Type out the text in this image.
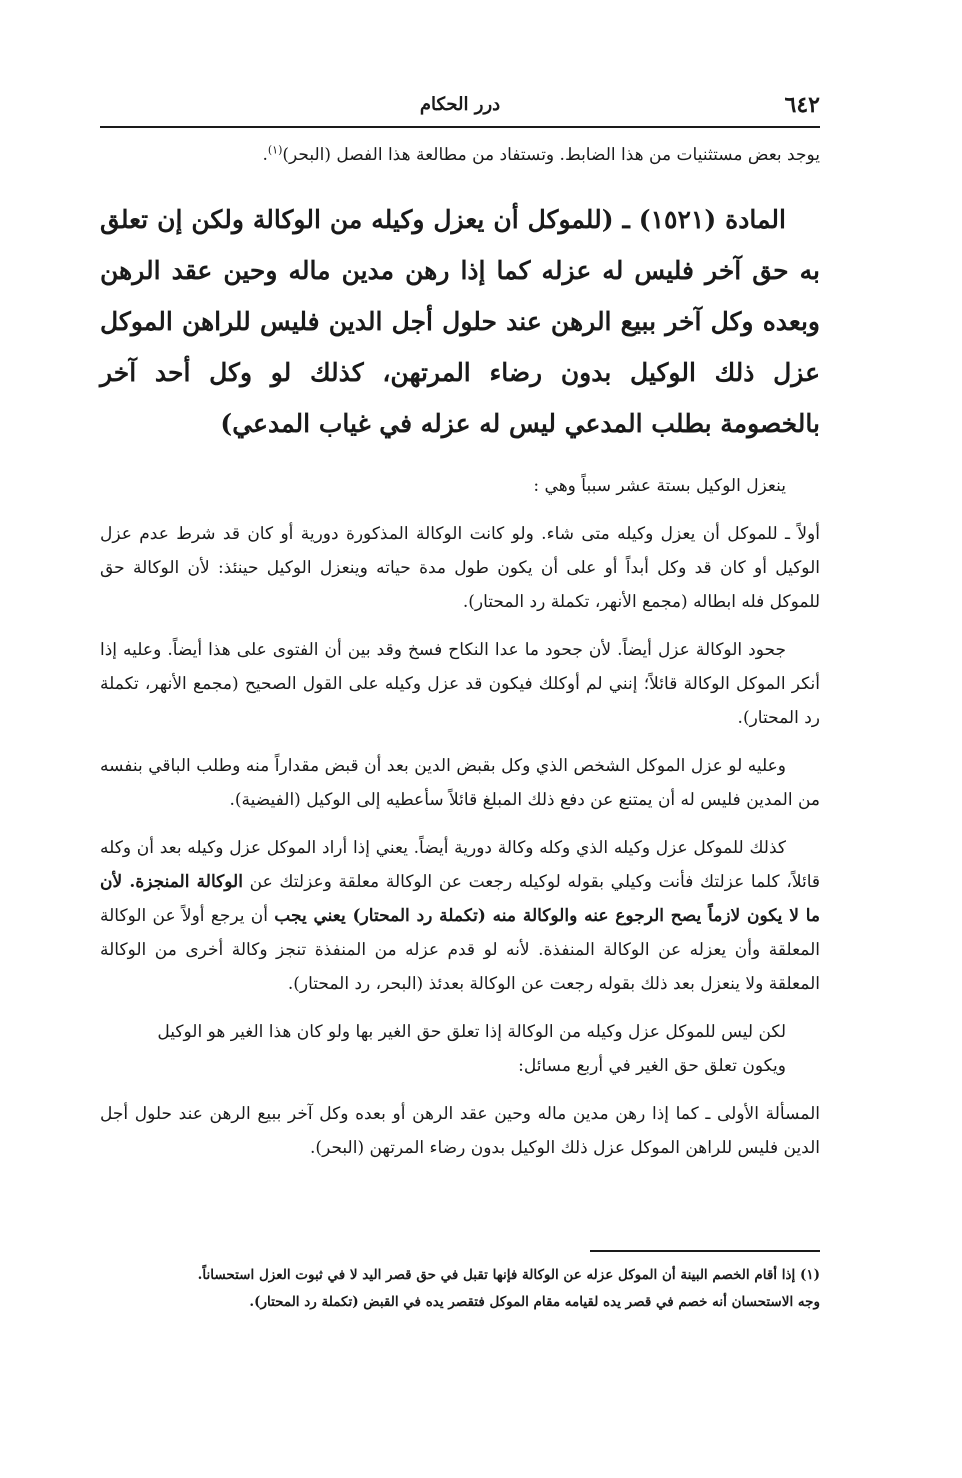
٦٤٢
درر الحكام

يوجد بعض مستثنيات من هذا الضابط. وتستفاد من مطالعة هذا الفصل (البحر)$^{(١)}$.

المادة (١٥٢١) ـ (للموكل أن يعزل وكيله من الوكالة ولكن إن تعلق به حق آخر فليس له عزله كما إذا رهن مدين ماله وحين عقد الرهن وبعده وكل آخر ببيع الرهن عند حلول أجل الدين فليس للراهن الموكل عزل ذلك الوكيل بدون رضاء المرتهن، كذلك لو وكل أحد آخر بالخصومة بطلب المدعي ليس له عزله في غياب المدعي)

ينعزل الوكيل بستة عشر سبباً وهي :

أولاً ـ للموكل أن يعزل وكيله متى شاء. ولو كانت الوكالة المذكورة دورية أو كان قد شرط عدم عزل الوكيل أو كان قد وكل أبداً أو على أن يكون طول مدة حياته وينعزل الوكيل حينئذ: لأن الوكالة حق للموكل فله ابطاله (مجمع الأنهر، تكملة رد المحتار).

جحود الوكالة عزل أيضاً. لأن جحود ما عدا النكاح فسخ وقد بين أن الفتوى على هذا أيضاً. وعليه إذا أنكر الموكل الوكالة قائلاً؛ إنني لم أوكلك فيكون قد عزل وكيله على القول الصحيح (مجمع الأنهر، تكملة رد المحتار).

وعليه لو عزل الموكل الشخص الذي وكل بقبض الدين بعد أن قبض مقداراً منه وطلب الباقي بنفسه من المدين فليس له أن يمتنع عن دفع ذلك المبلغ قائلاً سأعطيه إلى الوكيل (الفيضية).

كذلك للموكل عزل وكيله الذي وكله وكالة دورية أيضاً. يعني إذا أراد الموكل عزل وكيله بعد أن وكله قائلاً، كلما عزلتك فأنت وكيلي بقوله لوكيله رجعت عن الوكالة معلقة وعزلتك عن الوكالة المنجزة. لأن ما لا يكون لازماً يصح الرجوع عنه والوكالة منه (تكملة رد المحتار) يعني يجب أن يرجع أولاً عن الوكالة المعلقة وأن يعزله عن الوكالة المنفذة. لأنه لو قدم عزله من المنفذة تنجز وكالة أخرى من الوكالة المعلقة ولا ينعزل بعد ذلك بقوله رجعت عن الوكالة بعدئذ (البحر، رد المحتار).

لكن ليس للموكل عزل وكيله من الوكالة إذا تعلق حق الغير بها ولو كان هذا الغير هو الوكيل

ويكون تعلق حق الغير في أربع مسائل:

المسألة الأولى ـ كما إذا رهن مدين ماله وحين عقد الرهن أو بعده وكل آخر ببيع الرهن عند حلول أجل الدين فليس للراهن الموكل عزل ذلك الوكيل بدون رضاء المرتهن (البحر).

(١) إذا أقام الخصم البينة أن الموكل عزله عن الوكالة فإنها تقبل في حق قصر اليد لا في ثبوت العزل استحساناً.

وجه الاستحسان أنه خصم في قصر يده لقيامه مقام الموكل فتقصر يده في القبض (تكملة رد المحتار).
